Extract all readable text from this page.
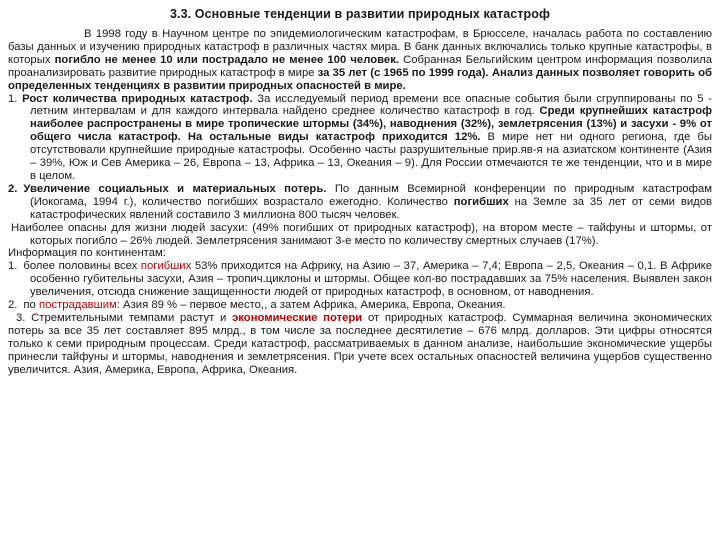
3.3. Основные тенденции в развитии природных катастроф

В 1998 году в Научном центре по эпидемиологическим катастрофам, в Брюсселе, началась работа по составлению базы данных и изучению природных катастроф в различных частях мира. В банк данных включались только крупные катастрофы, в которых погибло не менее 10 или пострадало не менее 100 человек. Собранная Бельгийским центром информация позволила проанализировать развитие природных катастроф в мире за 35 лет (с 1965 по 1999 года). Анализ данных позволяет говорить об определенных тенденциях в развитии природных опасностей в мире.

1. Рост количества природных катастроф. За исследуемый период времени все опасные события были сгруппированы по 5 - летним интервалам и для каждого интервала найдено среднее количество катастроф в год. Среди крупнейших катастроф наиболее распространены в мире тропические штормы (34%), наводнения (32%), землетрясения (13%) и засухи - 9% от общего числа катастроф. На остальные виды катастроф приходится 12%. В мире нет ни одного региона, где бы отсутствовали крупнейшие природные катастрофы. Особенно часты разрушительные прир.яв-я на азиатском континенте (Азия – 39%, Юж и Сев Америка – 26, Европа – 13, Африка – 13, Океания – 9). Для России отмечаются те же тенденции, что и в мире в целом.

2. Увеличение социальных и материальных потерь. По данным Всемирной конференции по природным катастрофам (Иокогама, 1994 г.), количество погибших возрастало ежегодно. Количество погибших на Земле за 35 лет от семи видов катастрофических явлений составило 3 миллиона 800 тысяч человек.

Наиболее опасны для жизни людей засухи: (49% погибших от природных катастроф), на втором месте – тайфуны и штормы, от которых погибло – 26% людей. Землетрясения занимают 3-е место по количеству смертных случаев (17%).

Информация по континентам:

1. более половины всех погибших 53% приходится на Африку, на Азию – 37, Америка – 7,4; Европа – 2,5, Океания – 0,1. В Африке особенно губительны засухи, Азия – тропич.циклоны и штормы. Общее кол-во пострадавших за 75% населения. Выявлен закон увеличения, отсюда снижение защищенности людей от природных катастроф, в основном, от наводнения.

2. по пострадавшим: Азия 89 % – первое место,, а затем Африка, Америка, Европа, Океания.

3. Стремительными темпами растут и экономические потери от природных катастроф. Суммарная величина экономических потерь за все 35 лет составляет 895 млрд., в том числе за последнее десятилетие – 676 млрд. долларов. Эти цифры относятся только к семи природным процессам. Среди катастроф, рассматриваемых в данном анализе, наибольшие экономические ущербы принесли тайфуны и штормы, наводнения и землетрясения. При учете всех остальных опасностей величина ущербов существенно увеличится. Азия, Америка, Европа, Африка, Океания.
